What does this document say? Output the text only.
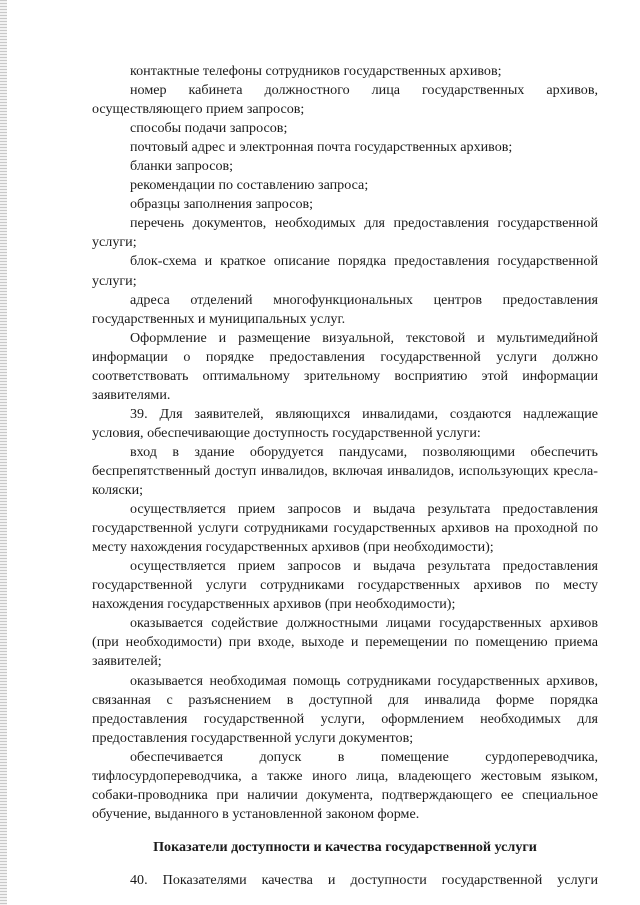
контактные телефоны сотрудников государственных архивов;

номер кабинета должностного лица государственных архивов, осуществляющего прием запросов;

способы подачи запросов;

почтовый адрес и электронная почта государственных архивов;

бланки запросов;

рекомендации по составлению запроса;

образцы заполнения запросов;

перечень документов, необходимых для предоставления государственной услуги;

блок-схема и краткое описание порядка предоставления государственной услуги;

адреса отделений многофункциональных центров предоставления государственных и муниципальных услуг.

Оформление и размещение визуальной, текстовой и мультимедийной информации о порядке предоставления государственной услуги должно соответствовать оптимальному зрительному восприятию этой информации заявителями.

39. Для заявителей, являющихся инвалидами, создаются надлежащие условия, обеспечивающие доступность государственной услуги:

вход в здание оборудуется пандусами, позволяющими обеспечить беспрепятственный доступ инвалидов, включая инвалидов, использующих кресла-коляски;

осуществляется прием запросов и выдача результата предоставления государственной услуги сотрудниками государственных архивов на проходной по месту нахождения государственных архивов (при необходимости);

осуществляется прием запросов и выдача результата предоставления государственной услуги сотрудниками государственных архивов по месту нахождения государственных архивов (при необходимости);

оказывается содействие должностными лицами государственных архивов (при необходимости) при входе, выходе и перемещении по помещению приема заявителей;

оказывается необходимая помощь сотрудниками государственных архивов, связанная с разъяснением в доступной для инвалида форме порядка предоставления государственной услуги, оформлением необходимых для предоставления государственной услуги документов;

обеспечивается допуск в помещение сурдопереводчика, тифлосурдопереводчика, а также иного лица, владеющего жестовым языком, собаки-проводника при наличии документа, подтверждающего ее специальное обучение, выданного в установленной законом форме.

Показатели доступности и качества государственной услуги

40. Показателями качества и доступности государственной услуги
